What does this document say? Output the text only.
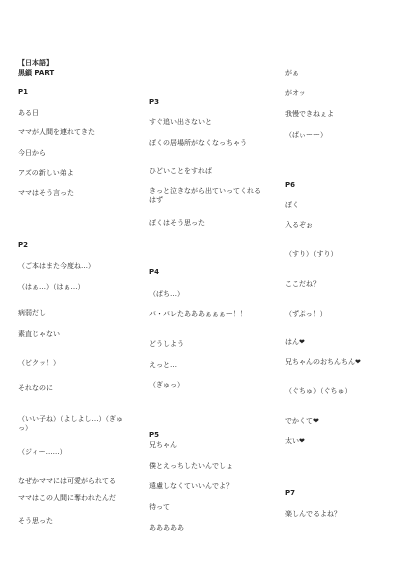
【日本語】
黒鎖 PART
P1
ある日
ママが人間を連れてきた
今日から
アズの新しい弟よ
ママはそう言った
P2
（ご本はまた今度ね…）
（はぁ…）（はぁ…）
病弱だし
素直じゃない
（ビクッ！）
それなのに
（いい子ね）（よしよし…）（ぎゅっ）
（ジィー……）
なぜかママには可愛がられてる
ママはこの人間に奪われたんだ
そう思った
P3
すぐ追い出さないと
ぼくの居場所がなくなっちゃう
ひどいことをすれば
きっと泣きながら出ていってくれるはず
ぼくはそう思った
P4
（ぱち…）
バ・バレたあああぁぁぁー！！
どうしよう
えっと…
（ぎゅっ）
P5
兄ちゃん
僕とえっちしたいんでしょ
遠慮しなくていいんでよ？
待って
あああああ
がぁ
がオッ
我慢できねぇよ
（ばぃーー）
P6
ぼく
入るぞぉ
（すり）（すり）
ここだね？
（ずぷっ！）
はん❤
兄ちゃんのおちんちん❤
（ぐちゅ）（ぐちゅ）
でかくて❤
太い❤
P7
楽しんでるよね？
